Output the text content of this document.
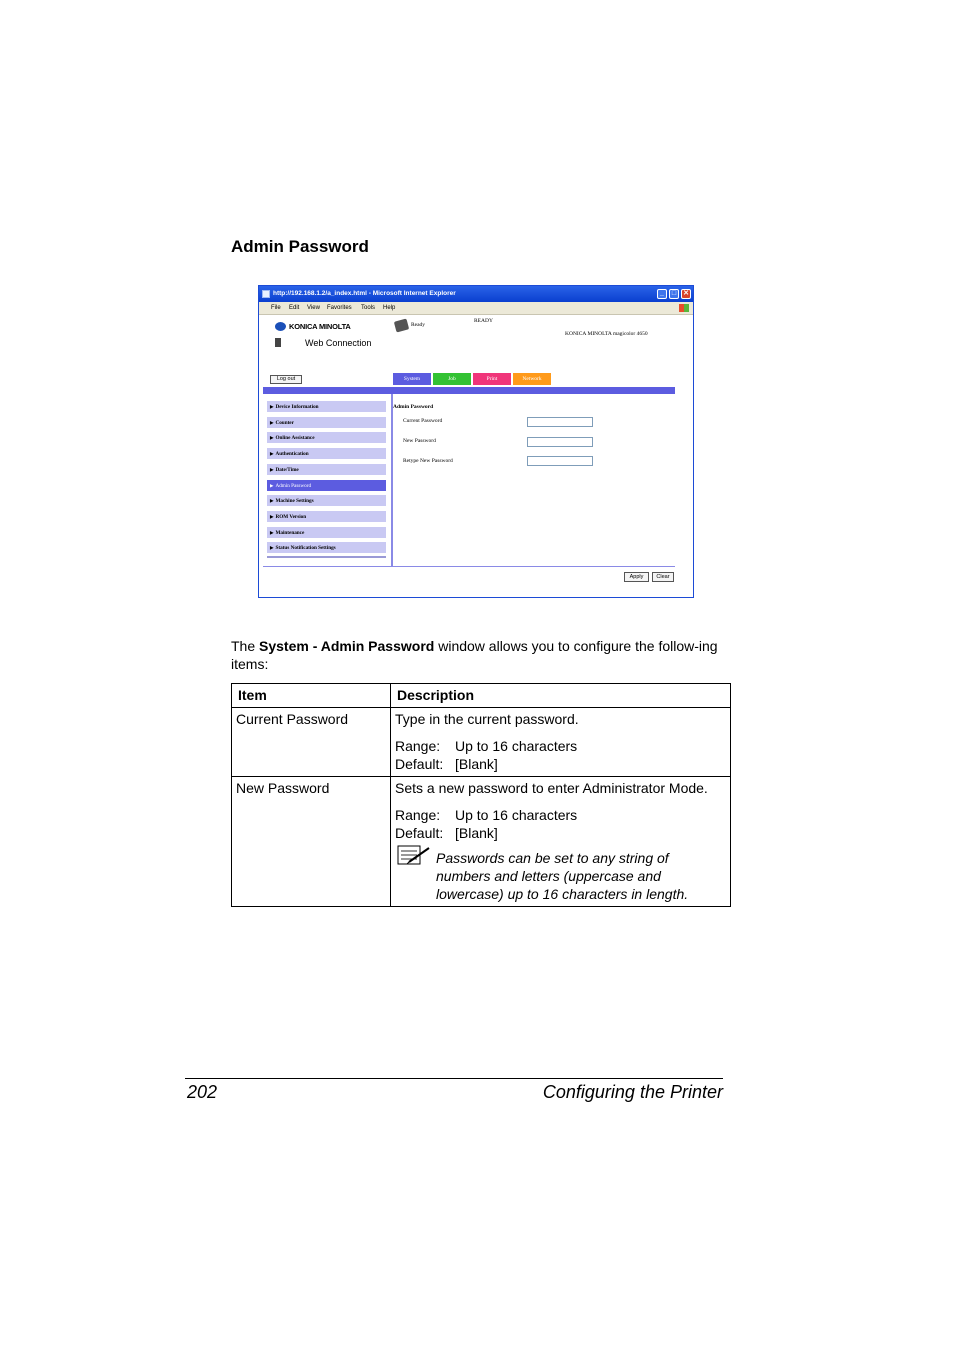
Admin Password
http://192.168.1.2/a_index.html - Microsoft Internet Explorer	_	□ ✕
File Edit View Favorites Tools Help
KONICA MINOLTA
Web Connection
Ready
READY
KONICA MINOLTA magicolor 4650
Log out	System	Job	Print	Network
▶ Device Information
▶ Counter
▶ Online Assistance
▶ Authentication
▶ Date/Time
▶ Admin Password
▶ Machine Settings
▶ ROM Version
▶ Maintenance
▶ Status Notification Settings
Admin Password
Current Password
New Password
Retype New Password
Apply	Clear
The System - Admin Password window allows you to configure the follow-ing items:
Item	Description
Current Password	Type in the current password.
Range: Up to 16 characters
Default: [Blank]

New Password	Sets a new password to enter Administrator Mode.
Range: Up to 16 characters
Default: [Blank]
Passwords can be set to any string of numbers and letters (uppercase and lowercase) up to 16 characters in length.
202	Configuring the Printer
